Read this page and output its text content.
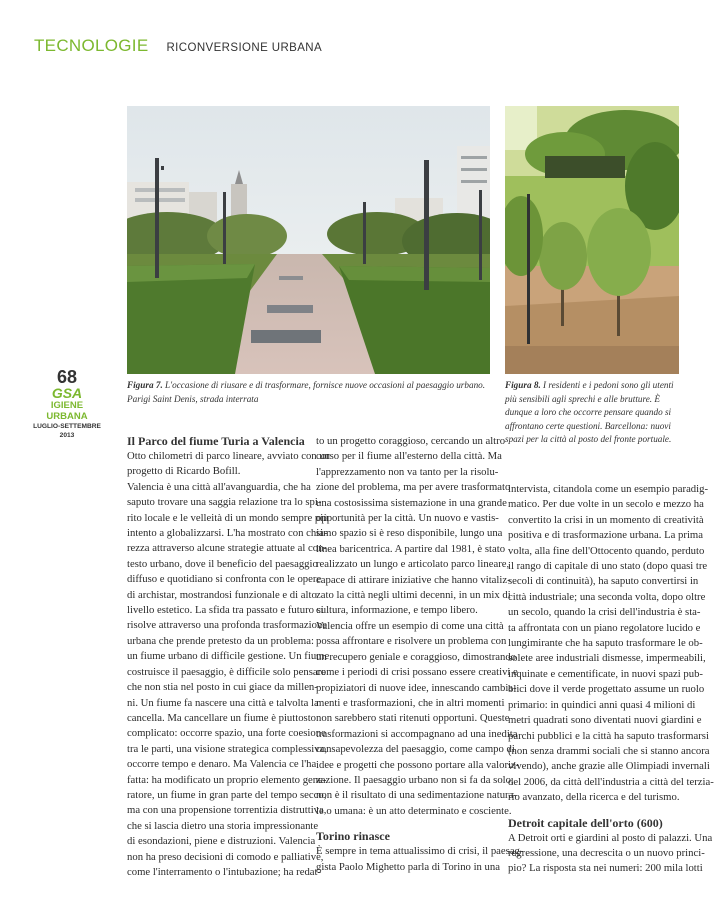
TECNOLOGIE RICONVERSIONE URBANA
Figura 7. L'occasione di riusare e di trasformare, fornisce nuove occasioni al paesaggio urbano. Parigi Saint Denis, strada interrata
Figura 8. I residenti e i pedoni sono gli utenti più sensibili agli sprechi e alle brutture. È dunque a loro che occorre pensare quando si affrontano certe questioni. Barcellona: nuovi spazi per la città al posto del fronte portuale.
68
GSA
IGIENE URBANA
LUGLIO-SETTEMBRE 2013	Il Parco del fiume Turia a Valencia
Otto chilometri di parco lineare, avviato con un
progetto di Ricardo Bofill.
Valencia è una città all'avanguardia, che ha
saputo trovare una saggia relazione tra lo spi-
rito locale e le velleità di un mondo sempre più
intento a globalizzarsi. L'ha mostrato con chia-
rezza attraverso alcune strategie attuate al con-
testo urbano, dove il beneficio del paesaggio
diffuso e quotidiano si confronta con le opere
di archistar, mostrandosi funzionale e di alto
livello estetico. La sfida tra passato e futuro si
risolve attraverso una profonda trasformazione
urbana che prende pretesto da un problema:
un fiume urbano di difficile gestione. Un fiume
costruisce il paesaggio, è difficile solo pensare
che non stia nel posto in cui giace da millen-
ni. Un fiume fa nascere una città e talvolta la
cancella. Ma cancellare un fiume è piuttosto
complicato: occorre spazio, una forte coesione
tra le parti, una visione strategica complessiva,
occorre tempo e denaro. Ma Valencia ce l'ha
fatta: ha modificato un proprio elemento gene-
ratore, un fiume in gran parte del tempo secco,
ma con una propensione torrentizia distruttiva,
che si lascia dietro una storia impressionante
di esondazioni, piene e distruzioni. Valencia
non ha preso decisioni di comodo e palliative,
come l'interramento o l'intubazione; ha redat-
to un progetto coraggioso, cercando un altro
corso per il fiume all'esterno della città. Ma
l'apprezzamento non va tanto per la risolu-
zione del problema, ma per avere trasformato
una costosissima sistemazione in una grande
opportunità per la città. Un nuovo e vastis-
simo spazio si è reso disponibile, lungo una
linea baricentrica. A partire dal 1981, è stato
realizzato un lungo e articolato parco lineare,
capace di attirare iniziative che hanno vitaliz-
zato la città negli ultimi decenni, in un mix di
cultura, informazione, e tempo libero.
Valencia offre un esempio di come una città
possa affrontare e risolvere un problema con
un recupero geniale e coraggioso, dimostrando
come i periodi di crisi possano essere creativi e
propiziatori di nuove idee, innescando cambia-
menti e trasformazioni, che in altri momenti
non sarebbero stati ritenuti opportuni. Queste
trasformazioni si accompagnano ad una inedita
consapevolezza del paesaggio, come campo di
idee e progetti che possono portare alla valoriz-
zazione. Il paesaggio urbano non si fa da solo,
non è il risultato di una sedimentazione natura-
le o umana: è un atto determinato e cosciente.
Torino rinasce
È sempre in tema attualissimo di crisi, il paesag-
gista Paolo Mighetto parla di Torino in una
intervista, citandola come un esempio paradig-
matico. Per due volte in un secolo e mezzo ha
convertito la crisi in un momento di creatività
positiva e di trasformazione urbana. La prima
volta, alla fine dell'Ottocento quando, perduto
il rango di capitale di uno stato (dopo quasi tre
secoli di continuità), ha saputo convertirsi in
città industriale; una seconda volta, dopo oltre
un secolo, quando la crisi dell'industria è sta-
ta affrontata con un piano regolatore lucido e
lungimirante che ha saputo trasformare le ob-
solete aree industriali dismesse, impermeabili,
inquinate e cementificate, in nuovi spazi pub-
blici dove il verde progettato assume un ruolo
primario: in quindici anni quasi 4 milioni di
metri quadrati sono diventati nuovi giardini e
parchi pubblici e la città ha saputo trasformarsi
(non senza drammi sociali che si stanno ancora
vivendo), anche grazie alle Olimpiadi invernali
del 2006, da città dell'industria a città del terzia-
rio avanzato, della ricerca e del turismo.
Detroit capitale dell'orto (600)
A Detroit orti e giardini al posto di palazzi. Una
regressione, una decrescita o un nuovo princi-
pio? La risposta sta nei numeri: 200 mila lotti
